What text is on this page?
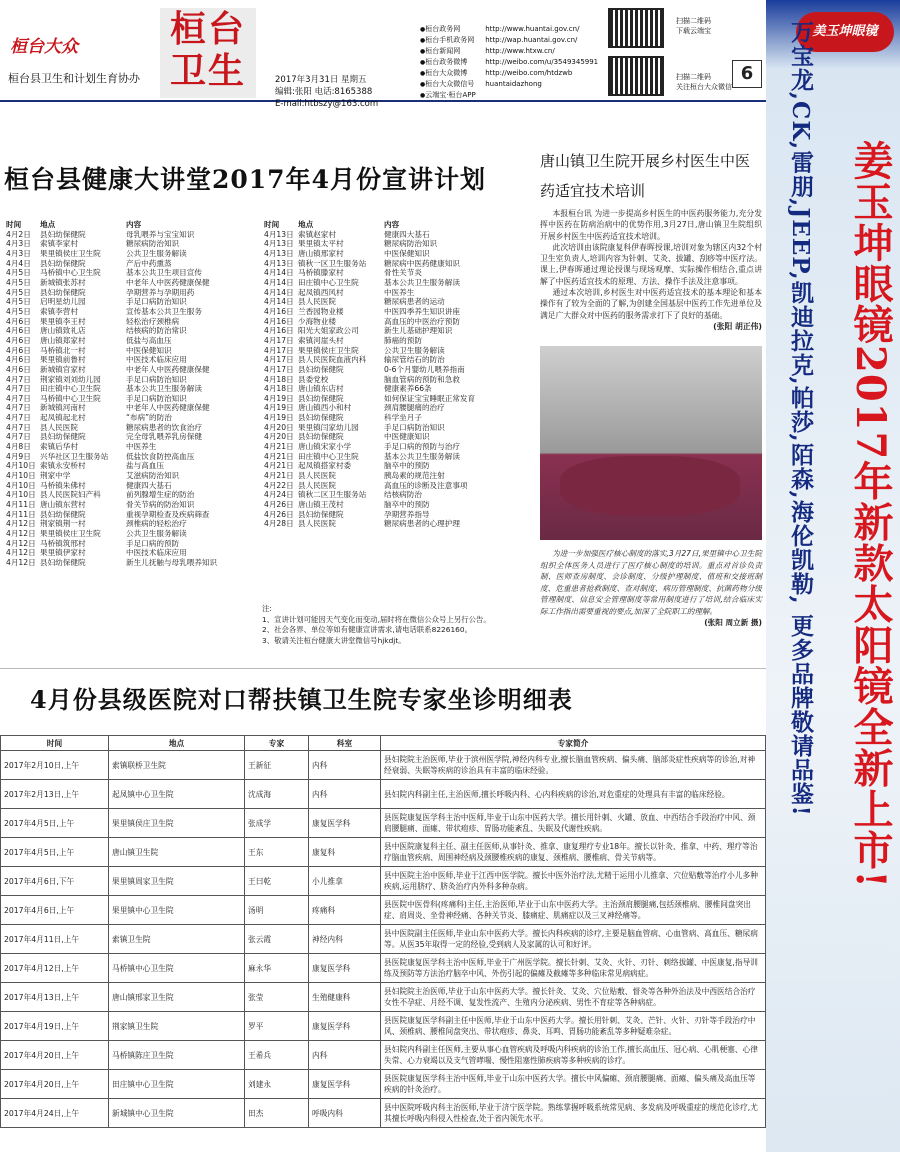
桓台大众
桓台县卫生和计划生育协办
桓台
卫生	2017年3月31日 星期五
编辑:张阳 电话:8165388
E-mail:htbszy@163.com
●桓台政务网	http://www.huantai.gov.cn/
●桓台手机政务网 http://wap.huantai.gov.cn/
●桓台新闻网	http://www.htxw.cn/
●桓台政务微博	http://weibo.com/u/3549345991
●桓台大众微博	http://weibo.com/htdzwb
●桓台大众微信号 huantaidazhong
●云端宝·桓台APP
扫描二维码
下载云端宝
扫描二维码
关注桓台大众微信
6
桓台县健康大讲堂2017年4月份宣讲计划
时间 地点	内容
4月2日 县妇幼保健院	母乳喂养与宝宝知识
4月3日 索镇李家村	糖尿病防治知识
4月3日 果里镇侯庄卫生院	公共卫生服务解读
4月4日 县妇幼保健院	产后中药熏蒸
4月5日 马桥镇中心卫生院	基本公共卫生项目宣传
4月5日 新城镇张苏村	中老年人中医药健康保健
4月5日 县妇幼保健院	孕期营养与孕期用药
4月5日 启明星幼儿园	手足口病防治知识
4月5日 索镇李营村	宣传基本公共卫生服务
4月6日 果里镇李王村	轻松治疗颈椎病
4月6日 唐山镇致礼店	结核病的防治常识
4月6日 唐山镇郑家村	低盐与高血压
4月6日 马桥镇北一村	中医保健知识
4月6日 果里镇前鲁村	中医技术临床应用
4月6日 新城镇官家村	中老年人中医药健康保健
4月7日 荆家镇刘刘幼儿园	手足口病防治知识
4月7日 田庄镇中心卫生院	基本公共卫生服务解读
4月7日 马桥镇中心卫生院	手足口病防治知识
4月7日 新城镇河南村	中老年人中医药健康保健
4月7日 起凤镇起北村	“布病”的防治
4月7日 县人民医院	糖尿病患者的饮食治疗
4月7日 县妇幼保健院	完全母乳喂养乳房保健
4月8日 索镇后华村	中医养生
4月9日 兴华社区卫生服务站 低盐饮食防控高血压
4月10日 索镇永安桥村	盐与高血压
4月10日 荆家中学	艾滋病防治知识
4月10日 马桥镇朱佛村	健康四大基石
4月10日 县人民医院妇产科	前列腺增生症的防治
4月11日 唐山镇东营村	骨关节病的防治知识
4月11日 县妇幼保健院	重视孕期检查及疾病筛查
4月12日 荆家镇荆一村	颈椎病的轻松治疗
4月12日 果里镇侯庄卫生院	公共卫生服务解读
4月12日 马桥镇筑邢村	手足口病的预防
4月12日 果里镇伊家村	中医技术临床应用
4月12日 县妇幼保健院	新生儿抚触与母乳喂养知识
时间 地点	内容
4月13日 索镇赵家村	健康四大基石
4月13日 果里镇太平村	糖尿病防治知识
4月13日 唐山镇邢家村	中医保健知识
4月13日 镇秋一区卫生服务站 糖尿病中医药健康知识
4月14日 马桥镇滕家村	骨性关节炎
4月14日 田庄镇中心卫生院	基本公共卫生服务解读
4月14日 起凤镇西风村	中医养生
4月14日 县人民医院	糖尿病患者的运动
4月16日 兰香园物业楼	中医四季养生知识讲座
4月16日 少海物业楼	高血压的中医治疗预防
4月16日 阳光大姐家政公司	新生儿基础护理知识
4月17日 索镇河崖头村	肺癌的预防
4月17日 果里镇侯庄卫生院	公共卫生服务解读
4月17日 县人民医院血液内科 输尿管结石的防治
4月17日 县妇幼保健院	0-6个月婴幼儿喂养指南
4月18日 县委党校	脑血管病的预防和急救
4月18日 唐山镇东店村	健康素养66条
4月19日 县妇幼保健院	如何保证宝宝睡眠正常发育
4月19日 唐山镇西小和村	颈肩腰腿痛的治疗
4月19日 县妇幼保健院	科学坐月子
4月20日 果里镇闫家幼儿园	手足口病防治知识
4月20日 县妇幼保健院	中医健康知识
4月21日 唐山镇宋家小学	手足口病的预防与治疗
4月21日 田庄镇中心卫生院	基本公共卫生服务解读
4月21日 起凤镇搭家村委	脑卒中的预防
4月21日 县人民医院	胰岛素的规范注射
4月22日 县人民医院	高血压的诊断及注意事项
4月24日 镇秋二区卫生服务站 结核病防治
4月26日 唐山镇王茂村	脑卒中的预防
4月26日 县妇幼保健院	孕期营养指导
4月28日 县人民医院	糖尿病患者的心理护理
注:
1、宣讲计划可能因天气变化而变动,届时将在微信公众号上另行公告。
2、社会各界、单位等如有健康宣讲需求,请电话联系8226160。
3、敬请关注桓台健康大讲堂微信号hjkdjt。
唐山镇卫生院开展乡村医生中医药适宜技术培训

本报桓台讯 为进一步提高乡村医生的中医药服务能力,充分发挥中医药在防病治病中的优势作用,3月27日,唐山镇卫生院组织开展乡村医生中医药适宜技术培训。

此次培训由该院康复科伊春晖授课,培训对象为辖区内32个村卫生室负责人,培训内容为针刺、艾灸、拔罐、刮痧等中医疗法。课上,伊春晖通过理论授课与现场观摩、实际操作相结合,重点讲解了中医药适宜技术的原理、方法、操作手法及注意事项。

通过本次培训,乡村医生对中医药适宜技术的基本理论和基本操作有了较为全面的了解,为创建全国基层中医药工作先进单位及满足广大群众对中医药的服务需求打下了良好的基础。

(张阳 胡正伟)

为进一步加强医疗核心制度的落实,3月27日,果里镇中心卫生院组织全体医务人员进行了医疗核心制度的培训。重点对首诊负责制、医师查房制度、会诊制度、分级护理制度、值班和交接班制度、危重患者抢救制度、查对制度、病历管理制度、抗菌药物分级管理制度、信息安全管理制度等常用制度进行了培训,结合临床实际工作指出需要重视的要点,加深了全院职工的理解。

(张阳 周立新 摄)
4月份县级医院对口帮扶镇卫生院专家坐诊明细表
时间	地点	专家	科室	专家简介
2017年2月10日,上午	索镇联桥卫生院	王新征	内科	县妇院院主治医师,毕业于滨州医学院,神经内科专业,擅长脑血管疾病、偏头痛、脑部炎症性疾病等的诊治,对神经衰弱、失眠等疾病的诊治具有丰富的临床经验。
2017年2月13日,上午	起凤镇中心卫生院	沈成海	内科	县妇院内科副主任,主治医师,擅长呼吸内科、心内科疾病的诊治,对危重症的处理具有丰富的临床经验。
2017年4月5日,上午	果里镇侯庄卫生院	张成学	康复医学科	县医院康复医学科主治中医师,毕业于山东中医药大学。擅长用针刺、火罐、放血、中西结合手段治疗中风、颈肩腰腿痛、面瘫、带状疱疹、胃肠功能紊乱、失眠及代谢性疾病。
2017年4月5日,上午	唐山镇卫生院	王东	康复科	县中医院康复科主任、副主任医师,从事针灸、推拿、康复理疗专业18年。擅长以针灸、推拿、中药、理疗等治疗脑血管疾病、周围神经病及颈腰椎疾病的康复、颈椎病、腰椎病、骨关节病等。
2017年4月6日,下午	果里镇周家卫生院	王曰乾	小儿推拿	县中医院主治中医师,毕业于江西中医学院。擅长中医外治疗法,尤精于运用小儿推拿、穴位贴敷等治疗小儿多种疾病,运用脐疗、脐灸治疗内外科多种杂病。
2017年4月6日,上午	果里镇中心卫生院	汤明	疼痛科	县医院中医骨科(疼痛科)主任,主治医师,毕业于山东中医药大学。主治颈肩腰腿痛,包括颈椎病、腰椎间盘突出症、肩周炎、坐骨神经痛、各种关节炎、膝痛症、肌痛症以及三叉神经痛等。
2017年4月11日,上午	索镇卫生院	张云霞	神经内科	县中医院副主任医师,毕业山东中医药大学。擅长内科疾病的诊疗,主要是脑血管病、心血管病、高血压、糖尿病等。从医35年取得一定的经验,受到病人及家属的认可和好评。
2017年4月12日,上午	马桥镇中心卫生院	麻永华	康复医学科	县医院康复医学科主治中医师,毕业于广州医学院。擅长针刺、艾灸、火针、刃针、刺络拔罐、中医康复,指导训练及预防等方法治疗脑卒中风、外伤引起的偏瘫及截瘫等多种临床常见病病症。
2017年4月13日,上午	唐山镇邢家卫生院	张莹	生殖健康科	县妇院院主治医师,毕业于山东中医药大学。擅长针灸、艾灸、穴位贴敷、督灸等各种外治法及中西医结合治疗女性不孕症、月经不调、复发性流产、生殖内分泌疾病、男性不育症等各种病症。
2017年4月19日,上午	荆家镇卫生院	罗平	康复医学科	县医院康复医学科副主任中医师,毕业于山东中医药大学。擅长用针刺、艾灸、芒针、火针、刃针等手段治疗中风、颈椎病、腰椎间盘突出、带状疱疹、鼻炎、耳鸣、胃肠功能紊乱等多种疑难杂症。
2017年4月20日,上午	马桥镇陈庄卫生院	王希兵	内科	县妇院内科副主任医师,主要从事心血管疾病及呼吸内科疾病的诊治工作,擅长高血压、冠心病、心肌梗塞、心律失常、心力衰竭以及支气管哮喘、慢性阻塞性肺疾病等多种疾病的诊疗。
2017年4月20日,上午	田庄镇中心卫生院	刘建永	康复医学科	县医院康复医学科主治中医师,毕业于山东中医药大学。擅长中风偏瘫、颈肩腰腿痛、面瘫、偏头痛及高血压等疾病的针灸治疗。
2017年4月24日,上午	新城镇中心卫生院	田杰	呼吸内科	县中医院呼吸内科主治医师,毕业于济宁医学院。熟练掌握呼吸系统常见病、多发病及呼吸重症的规范化诊疗,尤其擅长呼吸内科侵入性检查,处于省内领先水平。
美玉坤眼镜
万宝龙,CK,雷朋,JEEP,凯迪拉克,帕莎,陌森,海伦凯勒, 更多品牌敬请品鉴! 姜玉坤眼镜2017年新款太阳镜全新上市!
